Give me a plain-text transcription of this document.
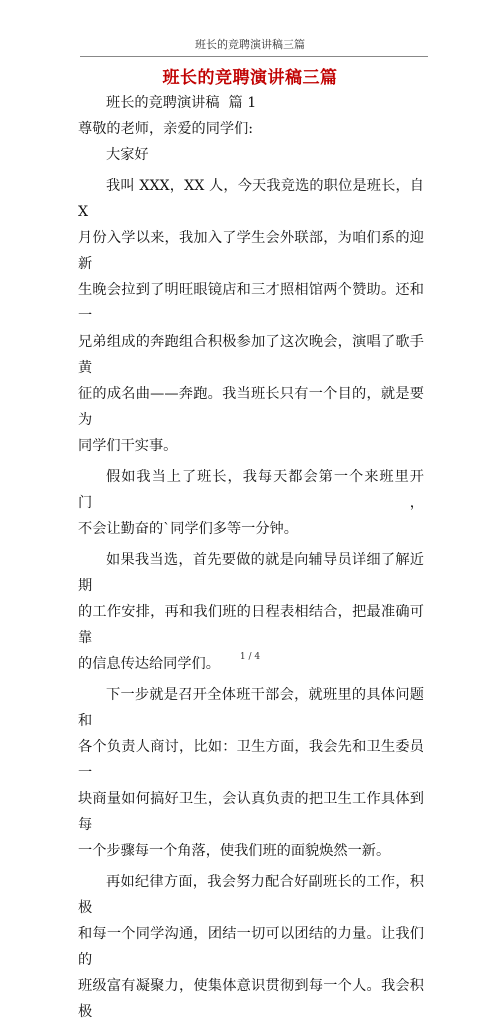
班长的竞聘演讲稿三篇
班长的竞聘演讲稿三篇

班长的竞聘演讲稿  篇 1

尊敬的老师，亲爱的同学们:

大家好

我叫 XXX，XX 人，今天我竞选的职位是班长，自 X

月份入学以来，我加入了学生会外联部，为咱们系的迎新

生晚会拉到了明旺眼镜店和三才照相馆两个赞助。还和一

兄弟组成的奔跑组合积极参加了这次晚会，演唱了歌手黄

征的成名曲——奔跑。我当班长只有一个目的，就是要为

同学们干实事。

假如我当上了班长，我每天都会第一个来班里开门，

不会让勤奋的`同学们多等一分钟。

如果我当选，首先要做的就是向辅导员详细了解近期

的工作安排，再和我们班的日程表相结合，把最准确可靠

的信息传达给同学们。

下一步就是召开全体班干部会，就班里的具体问题和

各个负责人商讨，比如：卫生方面，我会先和卫生委员一

块商量如何搞好卫生，会认真负责的把卫生工作具体到每

一个步骤每一个角落，使我们班的面貌焕然一新。

再如纪律方面，我会努力配合好副班长的工作，积极

和每一个同学沟通，团结一切可以团结的力量。让我们的

班级富有凝聚力，使集体意识贯彻到每一个人。我会积极

1 / 4
